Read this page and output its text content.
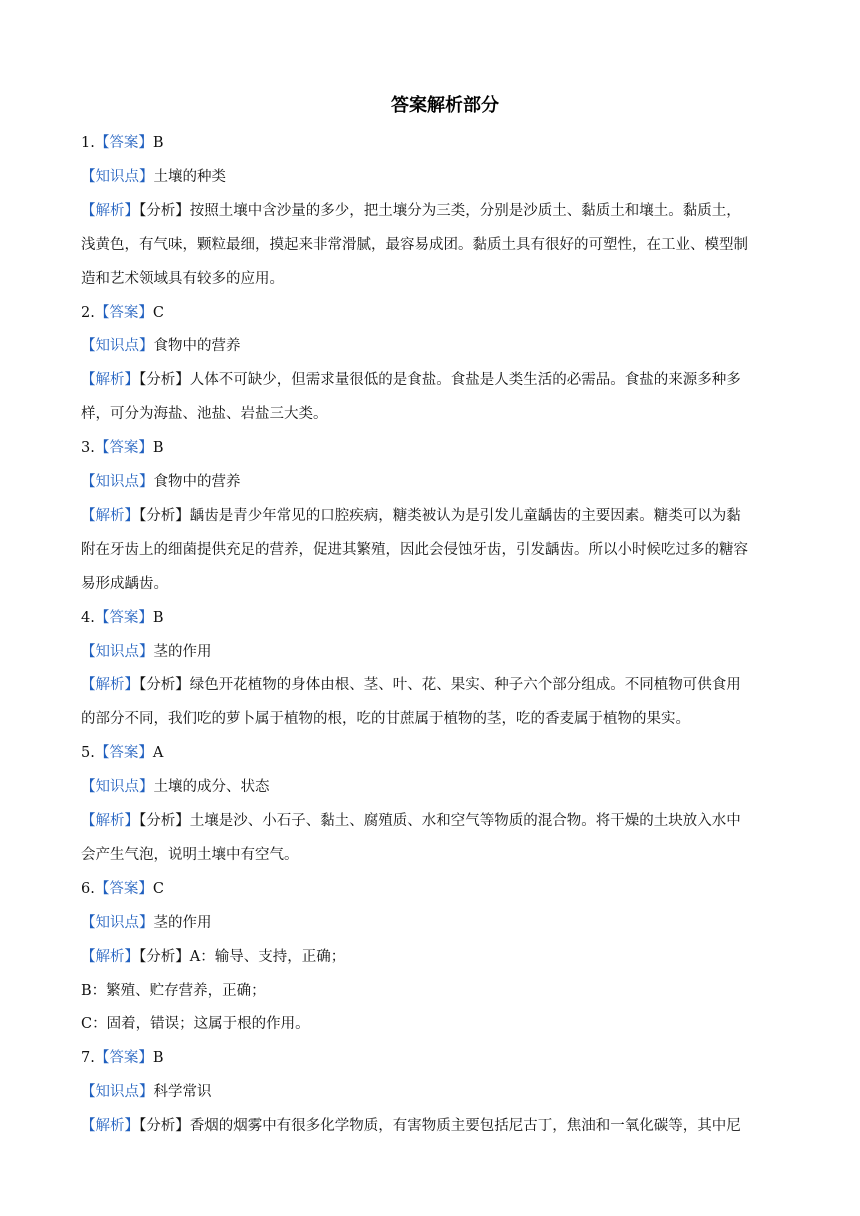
答案解析部分
1.【答案】B
【知识点】土壤的种类
【解析】【分析】按照土壤中含沙量的多少，把土壤分为三类，分别是沙质土、黏质土和壤土。黏质土，
浅黄色，有气味，颗粒最细，摸起来非常滑腻，最容易成团。黏质土具有很好的可塑性，在工业、模型制
造和艺术领域具有较多的应用。
2.【答案】C
【知识点】食物中的营养
【解析】【分析】人体不可缺少，但需求量很低的是食盐。食盐是人类生活的必需品。食盐的来源多种多
样，可分为海盐、池盐、岩盐三大类。
3.【答案】B
【知识点】食物中的营养
【解析】【分析】龋齿是青少年常见的口腔疾病，糖类被认为是引发儿童龋齿的主要因素。糖类可以为黏
附在牙齿上的细菌提供充足的营养，促进其繁殖，因此会侵蚀牙齿，引发龋齿。所以小时候吃过多的糖容
易形成龋齿。
4.【答案】B
【知识点】茎的作用
【解析】【分析】绿色开花植物的身体由根、茎、叶、花、果实、种子六个部分组成。不同植物可供食用
的部分不同，我们吃的萝卜属于植物的根，吃的甘蔗属于植物的茎，吃的香麦属于植物的果实。
5.【答案】A
【知识点】土壤的成分、状态
【解析】【分析】土壤是沙、小石子、黏土、腐殖质、水和空气等物质的混合物。将干燥的土块放入水中
会产生气泡，说明土壤中有空气。
6.【答案】C
【知识点】茎的作用
【解析】【分析】A：输导、支持，正确；
B：繁殖、贮存营养，正确；
C：固着，错误；这属于根的作用。
7.【答案】B
【知识点】科学常识
【解析】【分析】香烟的烟雾中有很多化学物质，有害物质主要包括尼古丁，焦油和一氧化碳等，其中尼
